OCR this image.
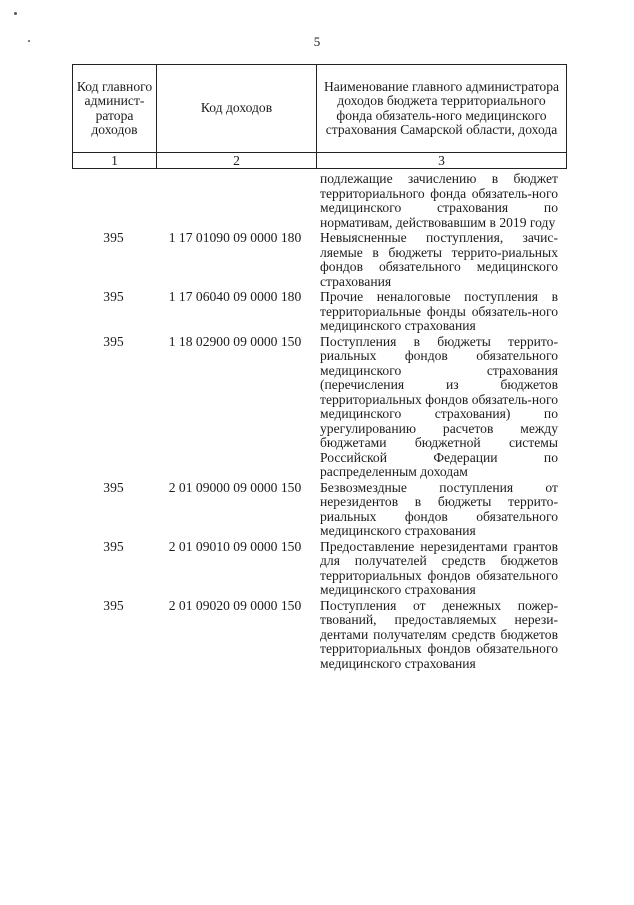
5
Код главного админист-ратора доходов	Код доходов	Наименование главного администратора доходов бюджета территориального фонда обязатель-ного медицинского страхования Самарской области, дохода
1	2	3
подлежащие зачислению в бюджет территориального фонда обязатель-ного медицинского страхования по нормативам, действовавшим в 2019 году
395	1 17 01090 09 0000 180	Невыясненные поступления, зачис-ляемые в бюджеты террито-риальных фондов обязательного медицинского страхования
395	1 17 06040 09 0000 180	Прочие неналоговые поступления в территориальные фонды обязатель-ного медицинского страхования
395	1 18 02900 09 0000 150	Поступления в бюджеты террито-риальных фондов обязательного медицинского страхования (перечисления из бюджетов территориальных фондов обязатель-ного медицинского страхования) по урегулированию расчетов между бюджетами бюджетной системы Российской Федерации по распределенным доходам
395	2 01 09000 09 0000 150	Безвозмездные поступления от нерезидентов в бюджеты террито-риальных фондов обязательного медицинского страхования
395	2 01 09010 09 0000 150	Предоставление нерезидентами грантов для получателей средств бюджетов территориальных фондов обязательного медицинского страхования
395	2 01 09020 09 0000 150	Поступления от денежных пожер-твований, предоставляемых нерези-дентами получателям средств бюджетов территориальных фондов обязательного медицинского страхования
